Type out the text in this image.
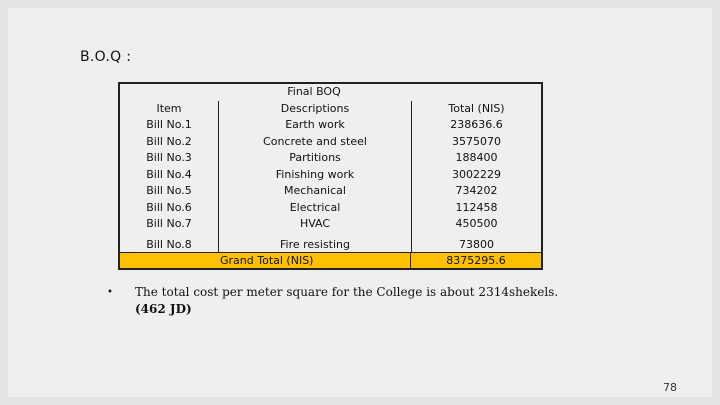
B.O.Q :
Final BOQ
Item	Descriptions	Total (NIS)
Bill No.1	Earth work	238636.6
Bill No.2	Concrete and steel	3575070
Bill No.3	Partitions	188400
Bill No.4	Finishing work	3002229
Bill No.5	Mechanical	734202
Bill No.6	Electrical	112458
Bill No.7	HVAC	450500
Bill No.8	Fire resisting	73800
Grand Total (NIS)	8375295.6
• The total cost per meter square for the College is about 2314shekels.
(462 JD)
78
